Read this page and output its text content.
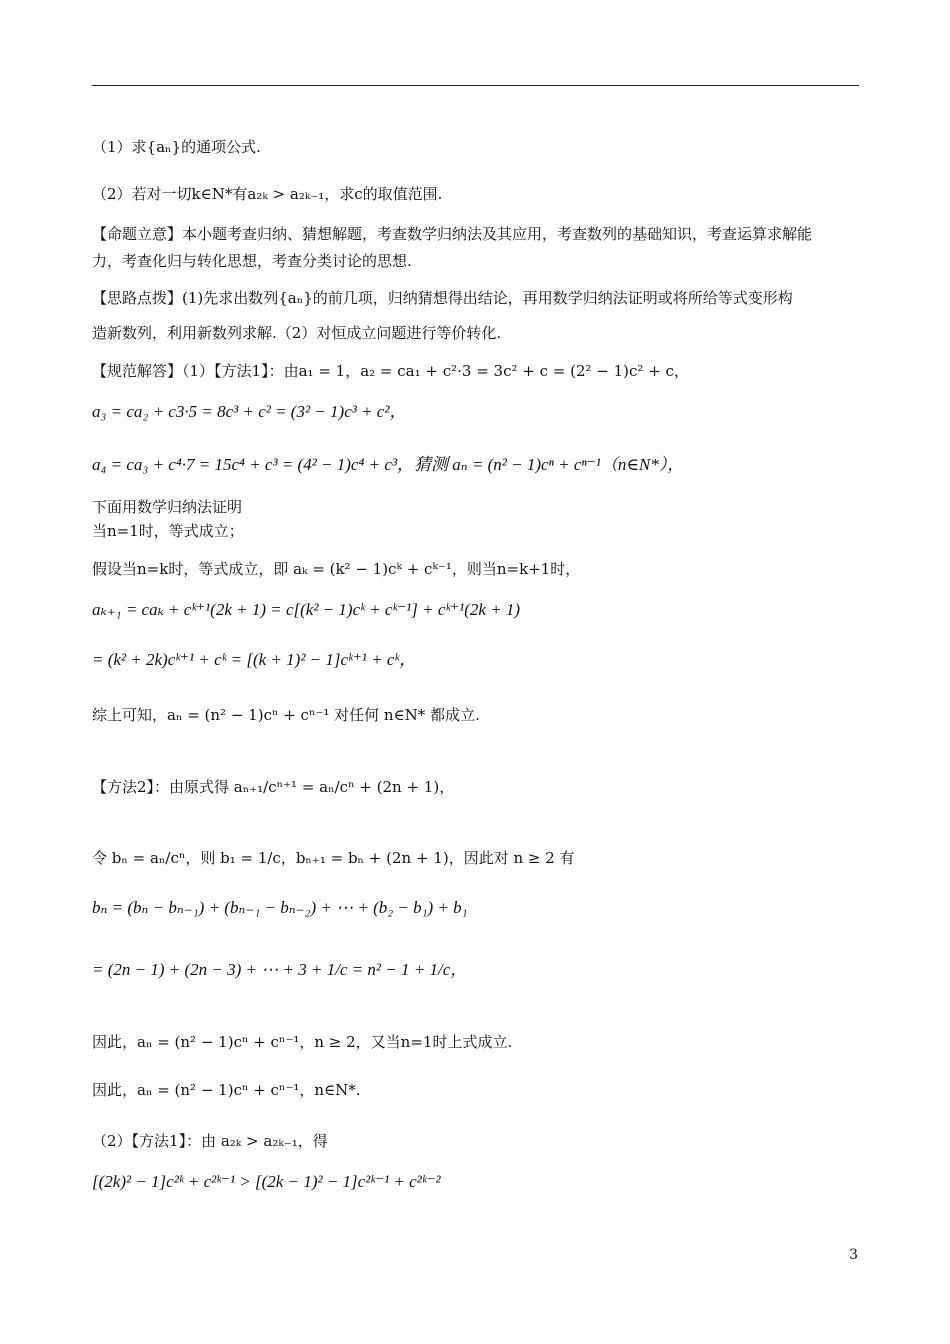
（1）求{aₙ}的通项公式.
（2）若对一切k∈N*有a₂ₖ > a₂ₖ₋₁，求c的取值范围.
【命题立意】本小题考查归纳、猜想解题，考查数学归纳法及其应用，考查数列的基础知识，考查运算求解能
力，考查化归与转化思想，考查分类讨论的思想.
【思路点拨】(1)先求出数列{aₙ}的前几项，归纳猜想得出结论，再用数学归纳法证明或将所给等式变形构
造新数列，利用新数列求解.（2）对恒成立问题进行等价转化.
【规范解答】（1）【方法1】：由a₁ = 1，a₂ = ca₁ + c²·3 = 3c² + c = (2² − 1)c² + c，
a₃ = ca₂ + c3·5 = 8c³ + c² = (3² − 1)c³ + c²，
a₄ = ca₃ + c⁴·7 = 15c⁴ + c³ = (4² − 1)c⁴ + c³，猜测 aₙ = (n² − 1)cⁿ + cⁿ⁻¹（n∈N*），
下面用数学归纳法证明
当n=1时，等式成立；
假设当n=k时，等式成立，即 aₖ = (k² − 1)cᵏ + cᵏ⁻¹，则当n=k+1时，
aₖ₊₁ = caₖ + cᵏ⁺¹(2k + 1) = c[(k² − 1)cᵏ + cᵏ⁻¹] + cᵏ⁺¹(2k + 1)
= (k² + 2k)cᵏ⁺¹ + cᵏ = [(k + 1)² − 1]cᵏ⁺¹ + cᵏ，
综上可知，aₙ = (n² − 1)cⁿ + cⁿ⁻¹ 对任何 n∈N* 都成立.
【方法2】：由原式得 aₙ₊₁/cⁿ⁺¹ = aₙ/cⁿ + (2n + 1)，
令 bₙ = aₙ/cⁿ，则 b₁ = 1/c，bₙ₊₁ = bₙ + (2n + 1)，因此对 n ≥ 2 有
bₙ = (bₙ − bₙ₋₁) + (bₙ₋₁ − bₙ₋₂) + ⋯ + (b₂ − b₁) + b₁
= (2n − 1) + (2n − 3) + ⋯ + 3 + 1/c = n² − 1 + 1/c，
因此，aₙ = (n² − 1)cⁿ + cⁿ⁻¹，n ≥ 2，又当n=1时上式成立.
因此，aₙ = (n² − 1)cⁿ + cⁿ⁻¹，n∈N*.
（2）【方法1】：由 a₂ₖ > a₂ₖ₋₁，得
[(2k)² − 1]c²ᵏ + c²ᵏ⁻¹ > [(2k − 1)² − 1]c²ᵏ⁻¹ + c²ᵏ⁻²
3
